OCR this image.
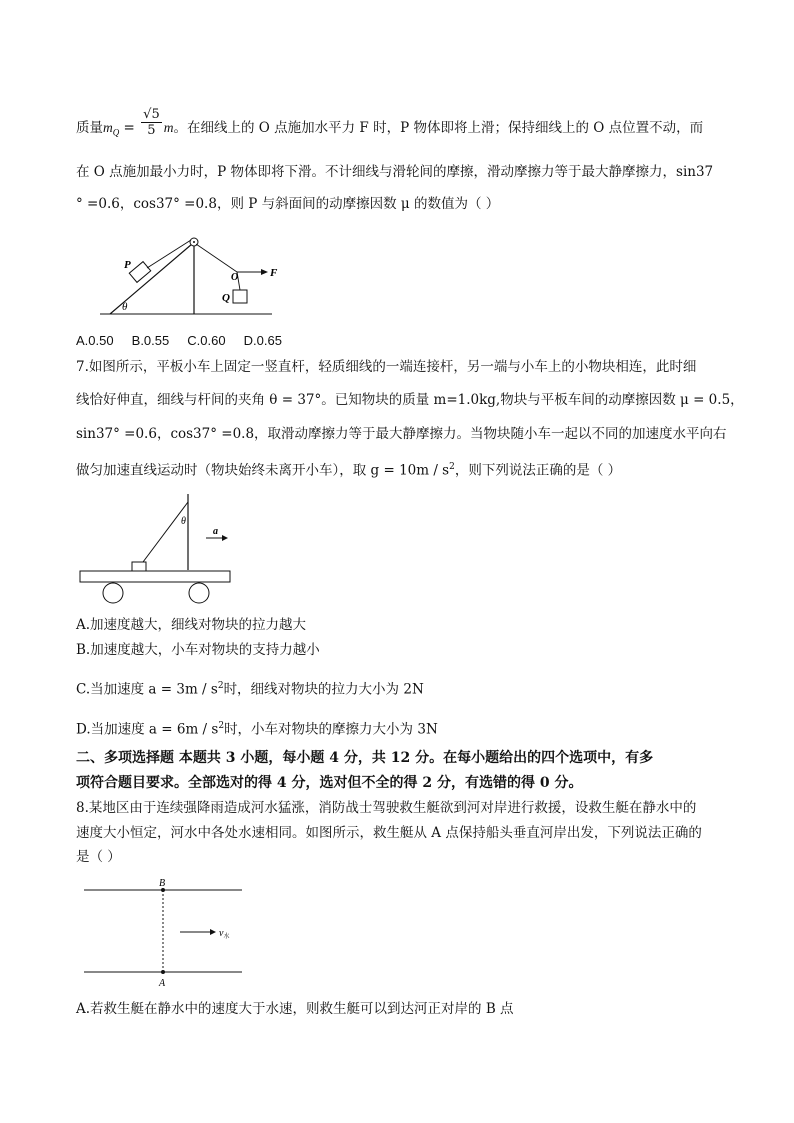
质量$m_Q = \frac{√5}{5}$ m。在细线上的 O 点施加水平力 F 时，P 物体即将上滑；保持细线上的 O 点位置不动，而
在 O 点施加最小力时，P 物体即将下滑。不计细线与滑轮间的摩擦，滑动摩擦力等于最大静摩擦力，sin37
° =0.6，cos37° =0.8，则 P 与斜面间的动摩擦因数 μ 的数值为（ ）
P
θ
O	F
Q
A.0.50     B.0.55     C.0.60     D.0.65
7.如图所示，平板小车上固定一竖直杆，轻质细线的一端连接杆，另一端与小车上的小物块相连，此时细
线恰好伸直，细线与杆间的夹角 θ = 37°。已知物块的质量 m=1.0kg,物块与平板车间的动摩擦因数 μ = 0.5，
sin37° =0.6，cos37° =0.8，取滑动摩擦力等于最大静摩擦力。当物块随小车一起以不同的加速度水平向右
做匀加速直线运动时（物块始终未离开小车），取 $g = 10m / s^2$，则下列说法正确的是（ ）
θ
a
A.加速度越大，细线对物块的拉力越大
B.加速度越大，小车对物块的支持力越小
C.当加速度 $a = 3m / s^2$时，细线对物块的拉力大小为 2N
D.当加速度 $a = 6m / s^2$时，小车对物块的摩擦力大小为 3N
二、多项选择题 本题共 3 小题，每小题 4 分，共 12 分。在每小题给出的四个选项中，有多
项符合题目要求。全部选对的得 4 分，选对但不全的得 2 分，有选错的得 0 分。
8.某地区由于连续强降雨造成河水猛涨，消防战士驾驶救生艇欲到河对岸进行救援，设救生艇在静水中的
速度大小恒定，河水中各处水速相同。如图所示，救生艇从 A 点保持船头垂直河岸出发，下列说法正确的
是（ ）
B
A
$v_水$
A.若救生艇在静水中的速度大于水速，则救生艇可以到达河正对岸的 B 点
